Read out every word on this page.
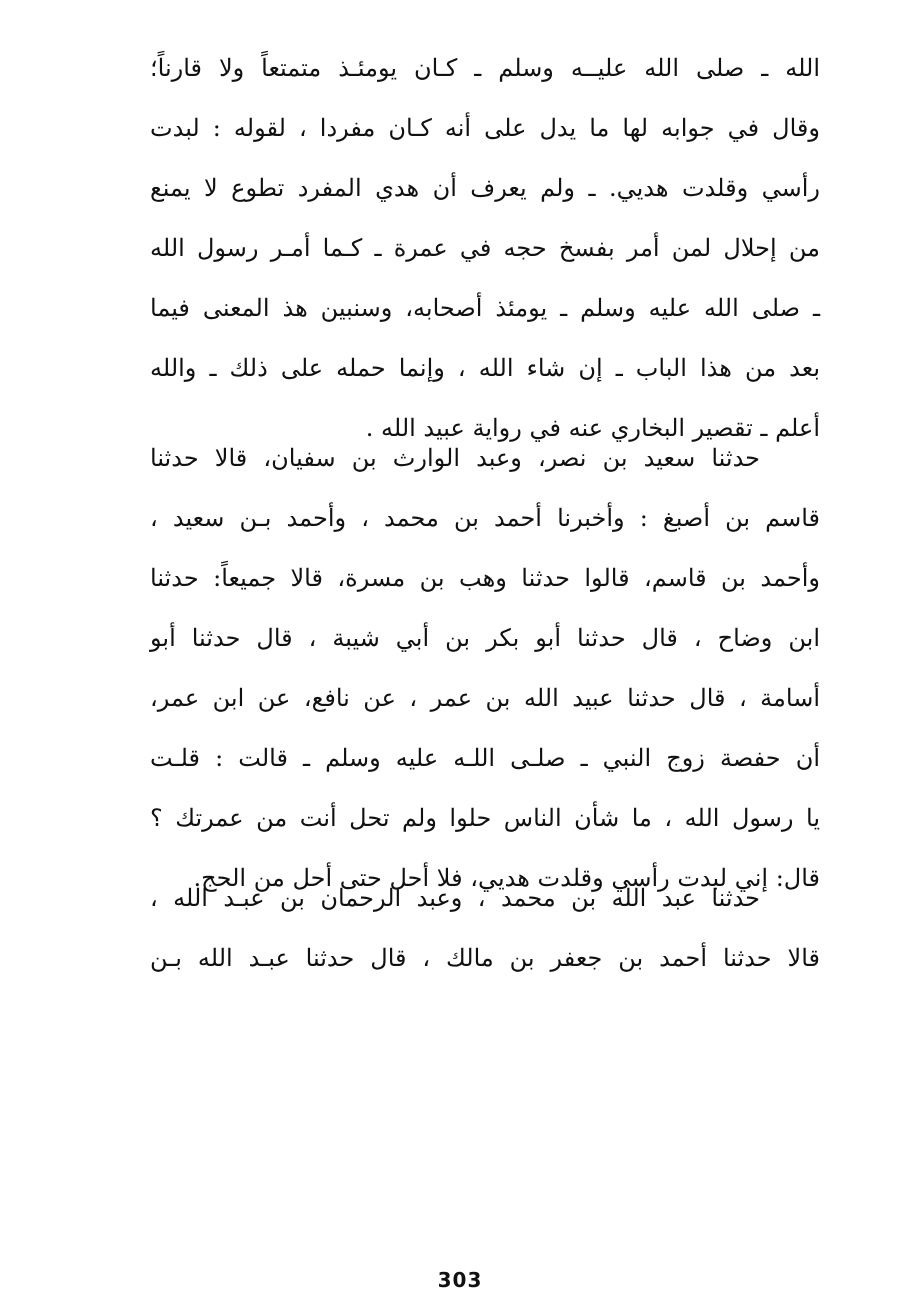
الله ـ صلى الله عليــه وسلم ـ كـان يومئـذ متمتعاً ولا قارناً؛
وقال في جوابه لها ما يدل على أنه كـان مفردا ، لقوله : لبدت
رأسي وقلدت هديي. ـ ولم يعرف أن هدي المفرد تطوع لا يمنع
من إحلال لمن أمر بفسخ حجه في عمرة ـ كـما أمـر رسول الله
ـ صلى الله عليه وسلم ـ يومئذ أصحابه، وسنبين هذ المعنى فيما
بعد من هذا الباب ـ إن شاء الله ، وإنما حمله على ذلك ـ والله
أعلم ـ تقصير البخاري عنه في رواية عبيد الله .
حدثنا سعيد بن نصر، وعبد الوارث بن سفيان، قالا حدثنا
قاسم بن أصبغ : وأخبرنا أحمد بن محمد ، وأحمد بـن سعيد ،
وأحمد بن قاسم، قالوا حدثنا وهب بن مسرة، قالا جميعاً: حدثنا
ابن وضاح ، قال حدثنا أبو بكر بن أبي شيبة ، قال حدثنا أبو
أسامة ، قال حدثنا عبيد الله بن عمر ، عن نافع، عن ابن عمر،
أن حفصة زوج النبي ـ صلـى اللـه عليه وسلم ـ قالت : قلـت
يا رسول الله ، ما شأن الناس حلوا ولم تحل أنت من عمرتك ؟
قال: إني لبدت رأسي وقلدت هديي، فلا أحل حتى أحل من الحج.
حدثنا عبد الله بن محمد ، وعبد الرحمان بن عبـد الله ،
قالا حدثنا أحمد بن جعفر بن مالك ، قال حدثنا عبـد الله بـن
303
